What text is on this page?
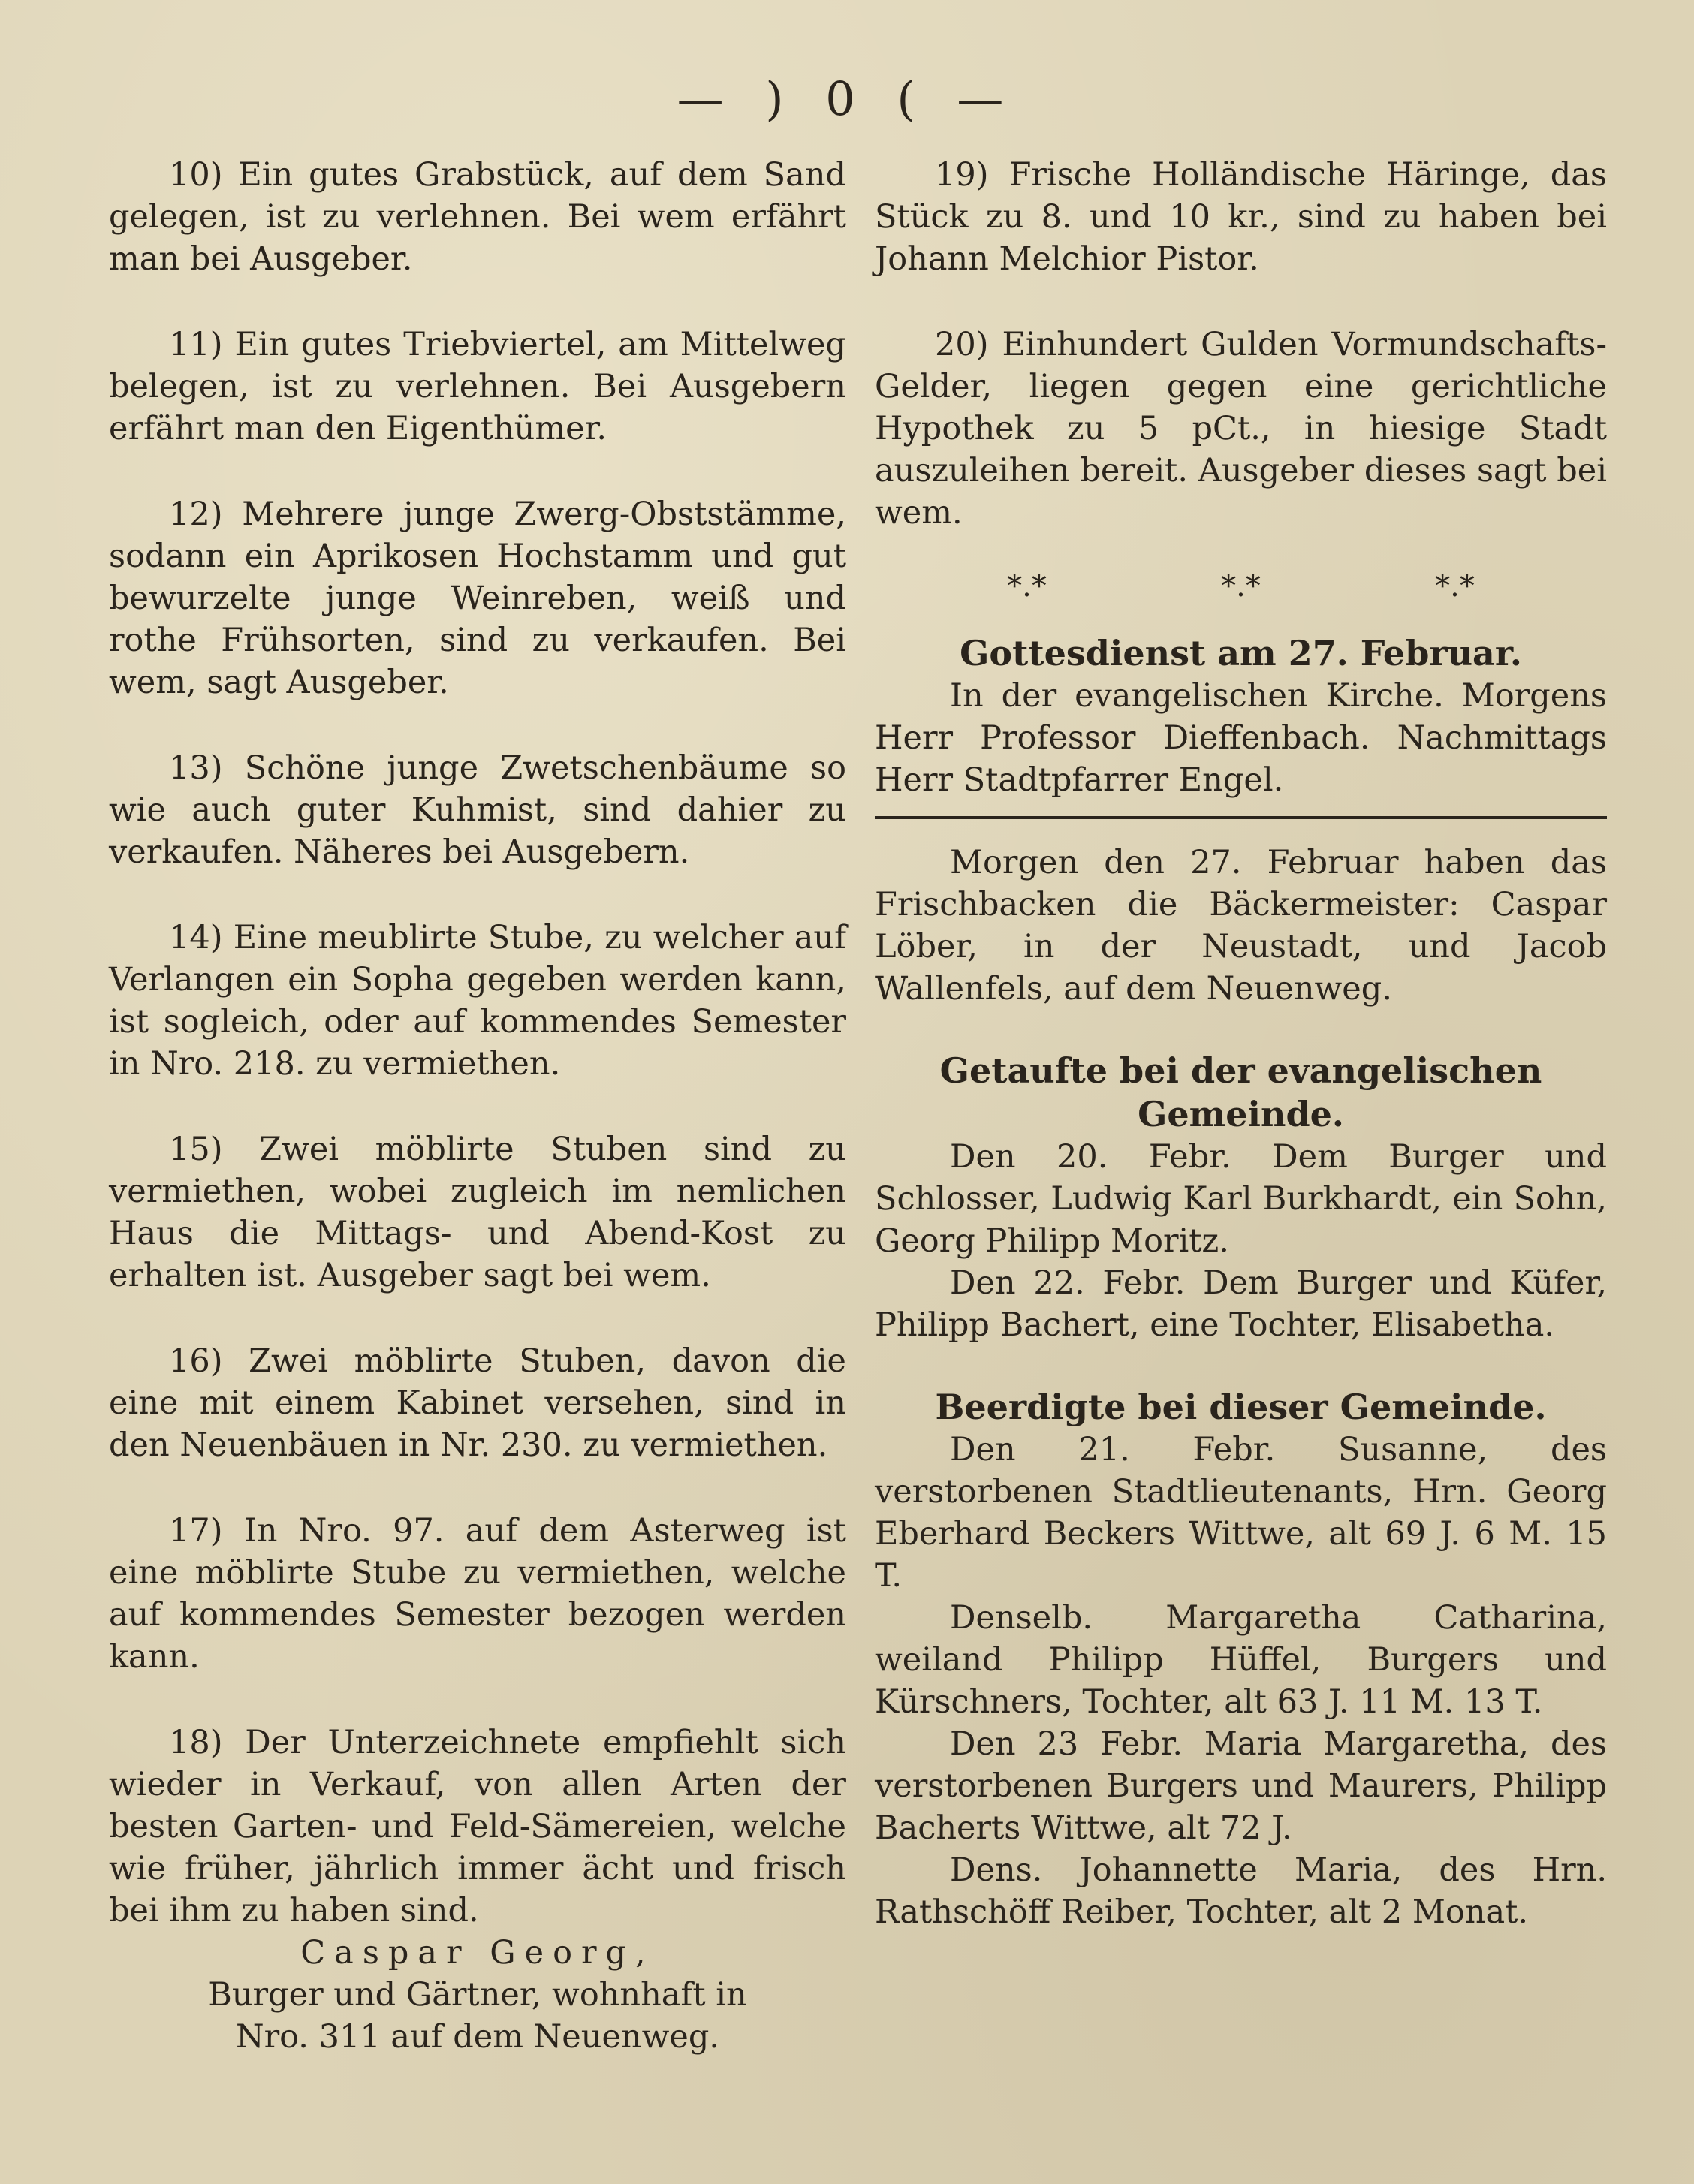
— ) 0 ( —

10) Ein gutes Grabstück, auf dem Sand gelegen, ist zu verlehnen. Bei wem erfährt man bei Ausgeber.

11) Ein gutes Triebviertel, am Mittelweg belegen, ist zu verlehnen. Bei Ausgebern erfährt man den Eigenthümer.

12) Mehrere junge Zwerg-Obststämme, sodann ein Aprikosen Hochstamm und gut bewurzelte junge Weinreben, weiß und rothe Frühsorten, sind zu verkaufen. Bei wem, sagt Ausgeber.

13) Schöne junge Zwetschenbäume so wie auch guter Kuhmist, sind dahier zu verkaufen. Näheres bei Ausgebern.

14) Eine meublirte Stube, zu welcher auf Verlangen ein Sopha gegeben werden kann, ist sogleich, oder auf kommendes Semester in Nro. 218. zu vermiethen.

15) Zwei möblirte Stuben sind zu vermiethen, wobei zugleich im nemlichen Haus die Mittags- und Abend-Kost zu erhalten ist. Ausgeber sagt bei wem.

16) Zwei möblirte Stuben, davon die eine mit einem Kabinet versehen, sind in den Neuenbäuen in Nr. 230. zu vermiethen.

17) In Nro. 97. auf dem Asterweg ist eine möblirte Stube zu vermiethen, welche auf kommendes Semester bezogen werden kann.

18) Der Unterzeichnete empfiehlt sich wieder in Verkauf, von allen Arten der besten Garten- und Feld-Sämereien, welche wie früher, jährlich immer ächt und frisch bei ihm zu haben sind.

Caspar Georg,
Burger und Gärtner, wohnhaft in
Nro. 311 auf dem Neuenweg.

19) Frische Holländische Häringe, das Stück zu 8. und 10 kr., sind zu haben bei Johann Melchior Pistor.

20) Einhundert Gulden Vormundschafts-Gelder, liegen gegen eine gerichtliche Hypothek zu 5 pCt., in hiesige Stadt auszuleihen bereit. Ausgeber dieses sagt bei wem.

*.*	*.*	*.*
Gottesdienst am 27. Februar.

In der evangelischen Kirche. Morgens Herr Professor Dieffenbach. Nachmittags Herr Stadtpfarrer Engel.

Morgen den 27. Februar haben das Frischbacken die Bäckermeister: Caspar Löber, in der Neustadt, und Jacob Wallenfels, auf dem Neuenweg.

Getaufte bei der evangelischen Gemeinde.

Den 20. Febr. Dem Burger und Schlosser, Ludwig Karl Burkhardt, ein Sohn, Georg Philipp Moritz.

Den 22. Febr. Dem Burger und Küfer, Philipp Bachert, eine Tochter, Elisabetha.

Beerdigte bei dieser Gemeinde.

Den 21. Febr. Susanne, des verstorbenen Stadtlieutenants, Hrn. Georg Eberhard Beckers Wittwe, alt 69 J. 6 M. 15 T.

Denselb. Margaretha Catharina, weiland Philipp Hüffel, Burgers und Kürschners, Tochter, alt 63 J. 11 M. 13 T.

Den 23 Febr. Maria Margaretha, des verstorbenen Burgers und Maurers, Philipp Bacherts Wittwe, alt 72 J.

Dens. Johannette Maria, des Hrn. Rathschöff Reiber, Tochter, alt 2 Monat.
